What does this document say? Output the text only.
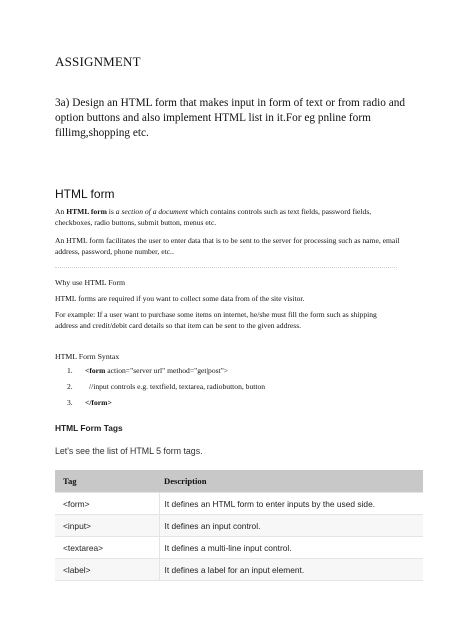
ASSIGNMENT
3a) Design an HTML form that makes input in form of text or from radio and option buttons and also implement HTML list in it.For eg pnline form fillimg,shopping etc.
HTML form
An HTML form is a section of a document which contains controls such as text fields, password fields, checkboxes, radio buttons, submit button, menus etc.
An HTML form facilitates the user to enter data that is to be sent to the server for processing such as name, email address, password, phone number, etc..
Why use HTML Form
HTML forms are required if you want to collect some data from of the site visitor.
For example: If a user want to purchase some items on internet, he/she must fill the form such as shipping address and credit/debit card details so that item can be sent to the given address.
HTML Form Syntax
1.	<form action="server url" method="get|post">
2.	//input controls e.g. textfield, textarea, radiobutton, button
3.	</form>
HTML Form Tags
Let's see the list of HTML 5 form tags.
Tag	Description
<form>	It defines an HTML form to enter inputs by the used side.
<input>	It defines an input control.
<textarea>	It defines a multi-line input control.
<label>	It defines a label for an input element.
